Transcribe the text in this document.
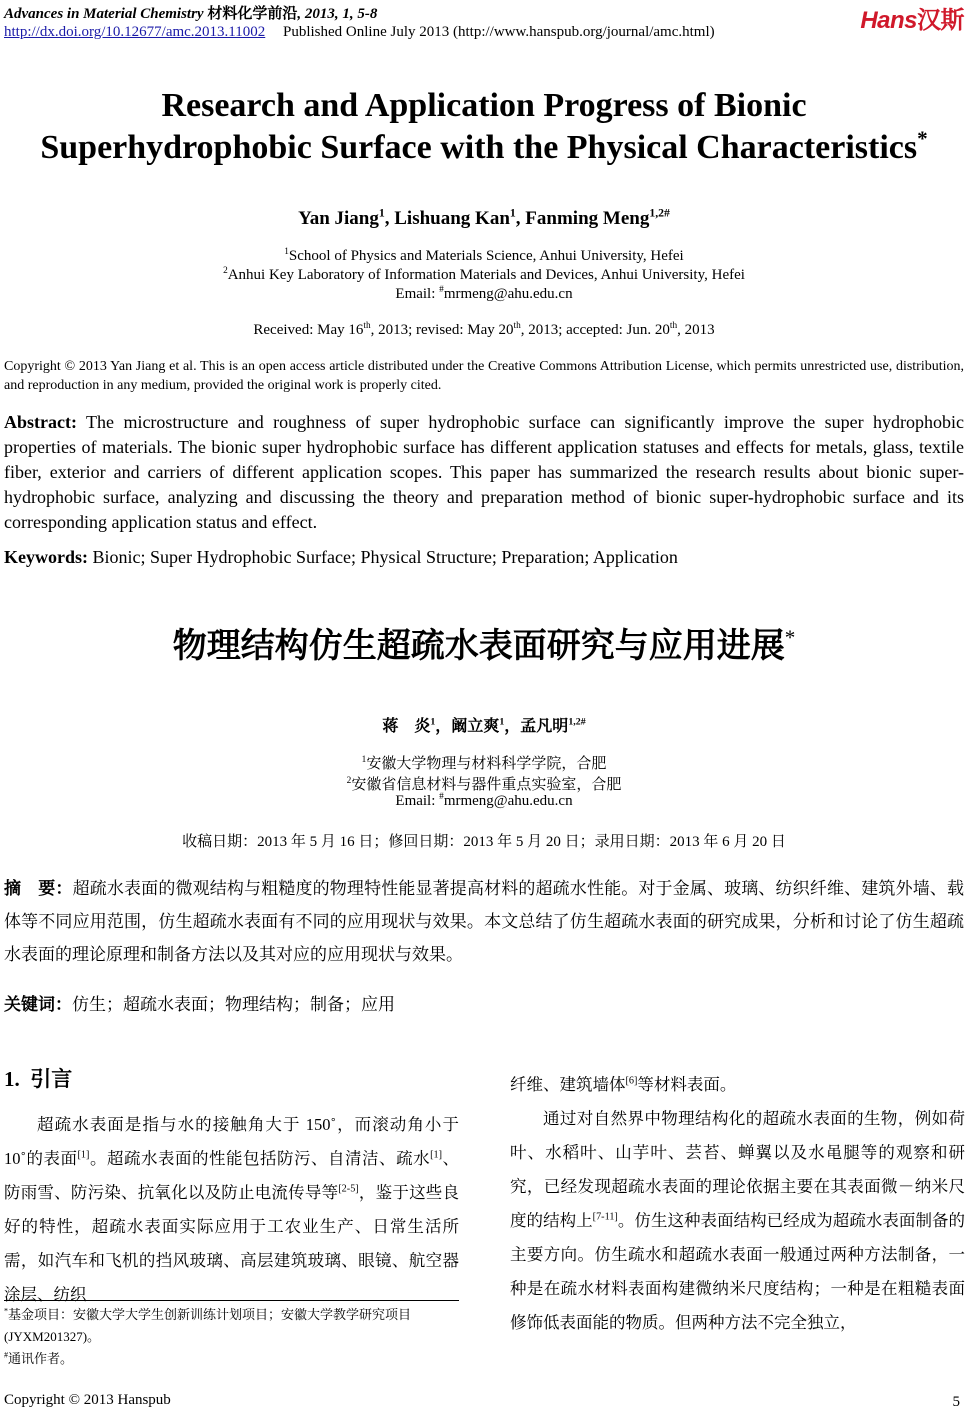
Advances in Material Chemistry 材料化学前沿, 2013, 1, 5-8
http://dx.doi.org/10.12677/amc.2013.11002 Published Online July 2013 (http://www.hanspub.org/journal/amc.html)	Hans汉斯
Research and Application Progress of Bionic
Superhydrophobic Surface with the Physical Characteristics*
Yan Jiang$^1$, Lishuang Kan$^1$, Fanming Meng$^{1,2\#}$
$^1$School of Physics and Materials Science, Anhui University, Hefei
$^2$Anhui Key Laboratory of Information Materials and Devices, Anhui University, Hefei
Email: #mrmeng@ahu.edu.cn
Received: May 16th, 2013; revised: May 20th, 2013; accepted: Jun. 20th, 2013
Copyright © 2013 Yan Jiang et al. This is an open access article distributed under the Creative Commons Attribution License, which permits unrestricted use, distribution, and reproduction in any medium, provided the original work is properly cited.
Abstract: The microstructure and roughness of super hydrophobic surface can significantly improve the super hydrophobic properties of materials. The bionic super hydrophobic surface has different application statuses and effects for metals, glass, textile fiber, exterior and carriers of different application scopes. This paper has summarized the research results about bionic super-hydrophobic surface, analyzing and discussing the theory and preparation method of bionic super-hydrophobic surface and its corresponding application status and effect.
Keywords: Bionic; Super Hydrophobic Surface; Physical Structure; Preparation; Application
物理结构仿生超疏水表面研究与应用进展*
蒋　炎$^1$，阚立爽$^1$，孟凡明$^{1,2\#}$
$^1$安徽大学物理与材料科学学院，合肥
$^2$安徽省信息材料与器件重点实验室，合肥
Email: #mrmeng@ahu.edu.cn
收稿日期：2013 年 5 月 16 日；修回日期：2013 年 5 月 20 日；录用日期：2013 年 6 月 20 日
摘　要：超疏水表面的微观结构与粗糙度的物理特性能显著提高材料的超疏水性能。对于金属、玻璃、纺织纤维、建筑外墙、载体等不同应用范围，仿生超疏水表面有不同的应用现状与效果。本文总结了仿生超疏水表面的研究成果，分析和讨论了仿生超疏水表面的理论原理和制备方法以及其对应的应用现状与效果。
关键词：仿生；超疏水表面；物理结构；制备；应用
1. 引言

超疏水表面是指与水的接触角大于 150˚，而滚动角小于 10˚的表面[1]。超疏水表面的性能包括防污、自清洁、疏水[1]、防雨雪、防污染、抗氧化以及防止电流传导等[2-5]，鉴于这些良好的特性，超疏水表面实际应用于工农业生产、日常生活所需，如汽车和飞机的挡风玻璃、高层建筑玻璃、眼镜、航空器涂层、纺织

*基金项目：安徽大学大学生创新训练计划项目；安徽大学教学研究项目(JYXM201327)。
#通讯作者。
纤维、建筑墙体[6]等材料表面。

通过对自然界中物理结构化的超疏水表面的生物，例如荷叶、水稻叶、山芋叶、芸苔、蝉翼以及水黾腿等的观察和研究，已经发现超疏水表面的理论依据主要在其表面微－纳米尺度的结构上[7-11]。仿生这种表面结构已经成为超疏水表面制备的主要方向。仿生疏水和超疏水表面一般通过两种方法制备，一种是在疏水材料表面构建微纳米尺度结构；一种是在粗糙表面修饰低表面能的物质。但两种方法不完全独立，

Copyright © 2013 Hanspub	5
